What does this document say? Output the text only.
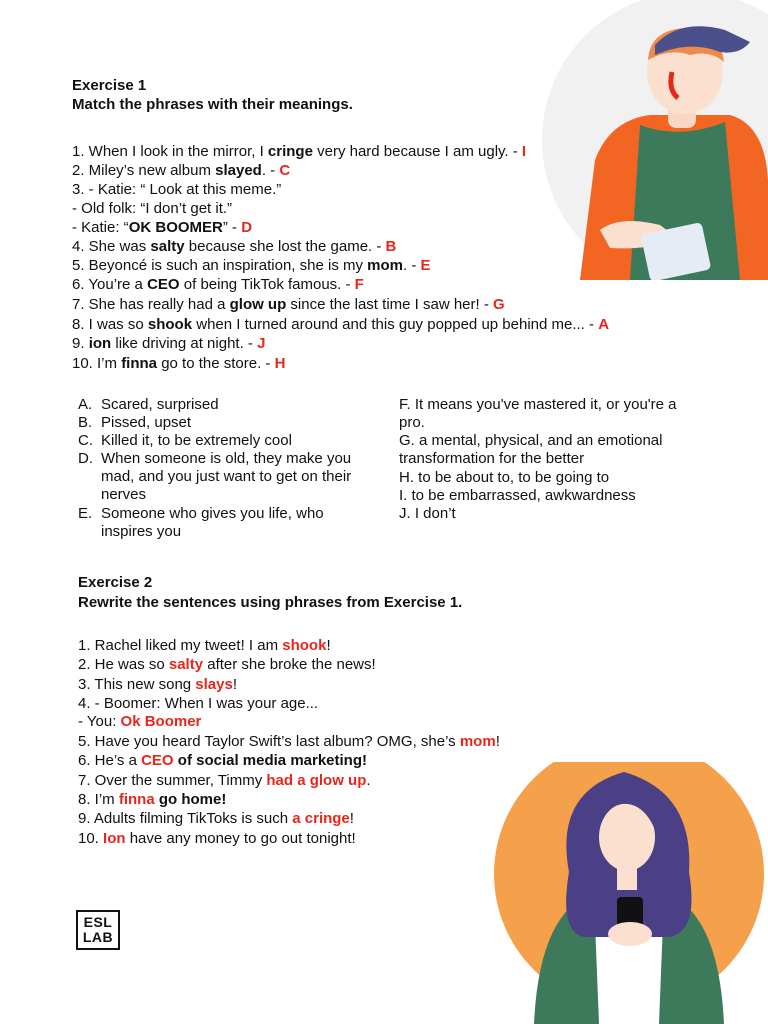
Exercise 1
Match the phrases with their meanings.
1. When I look in the mirror, I cringe very hard because I am ugly. - I
2. Miley’s new album slayed. - C
3. - Katie: “ Look at this meme.”
- Old folk: “I don’t get it.”
- Katie: “OK BOOMER” - D
4. She was salty because she lost the game. - B
5. Beyoncé is such an inspiration, she is my mom. - E
6. You’re a CEO of being TikTok famous. - F
7. She has really had a glow up since the last time I saw her! - G
8. I was so shook when I turned around and this guy popped up behind me... - A
9. ion like driving at night. - J
10. I’m finna go to the store. - H
A. Scared, surprised
B. Pissed, upset
C. Killed it, to be extremely cool
D. When someone is old, they make you mad, and you just want to get on their nerves
E. Someone who gives you life, who inspires you
F. It means you've mastered it, or you're a pro.
G. a mental, physical, and an emotional transformation for the better
H. to be about to, to be going to
I. to be embarrassed, awkwardness
J. I don’t
Exercise 2
Rewrite the sentences using phrases from Exercise 1.
1. Rachel liked my tweet! I am shook!
2. He was so salty after she broke the news!
3. This new song slays!
4. - Boomer: When I was your age...
- You: Ok Boomer
5. Have you heard Taylor Swift’s last album? OMG, she’s mom!
6. He’s a CEO of social media marketing!
7. Over the summer, Timmy had a glow up.
8. I’m finna go home!
9. Adults filming TikToks is such a cringe!
10. Ion have any money to go out tonight!
ESL
LAB
